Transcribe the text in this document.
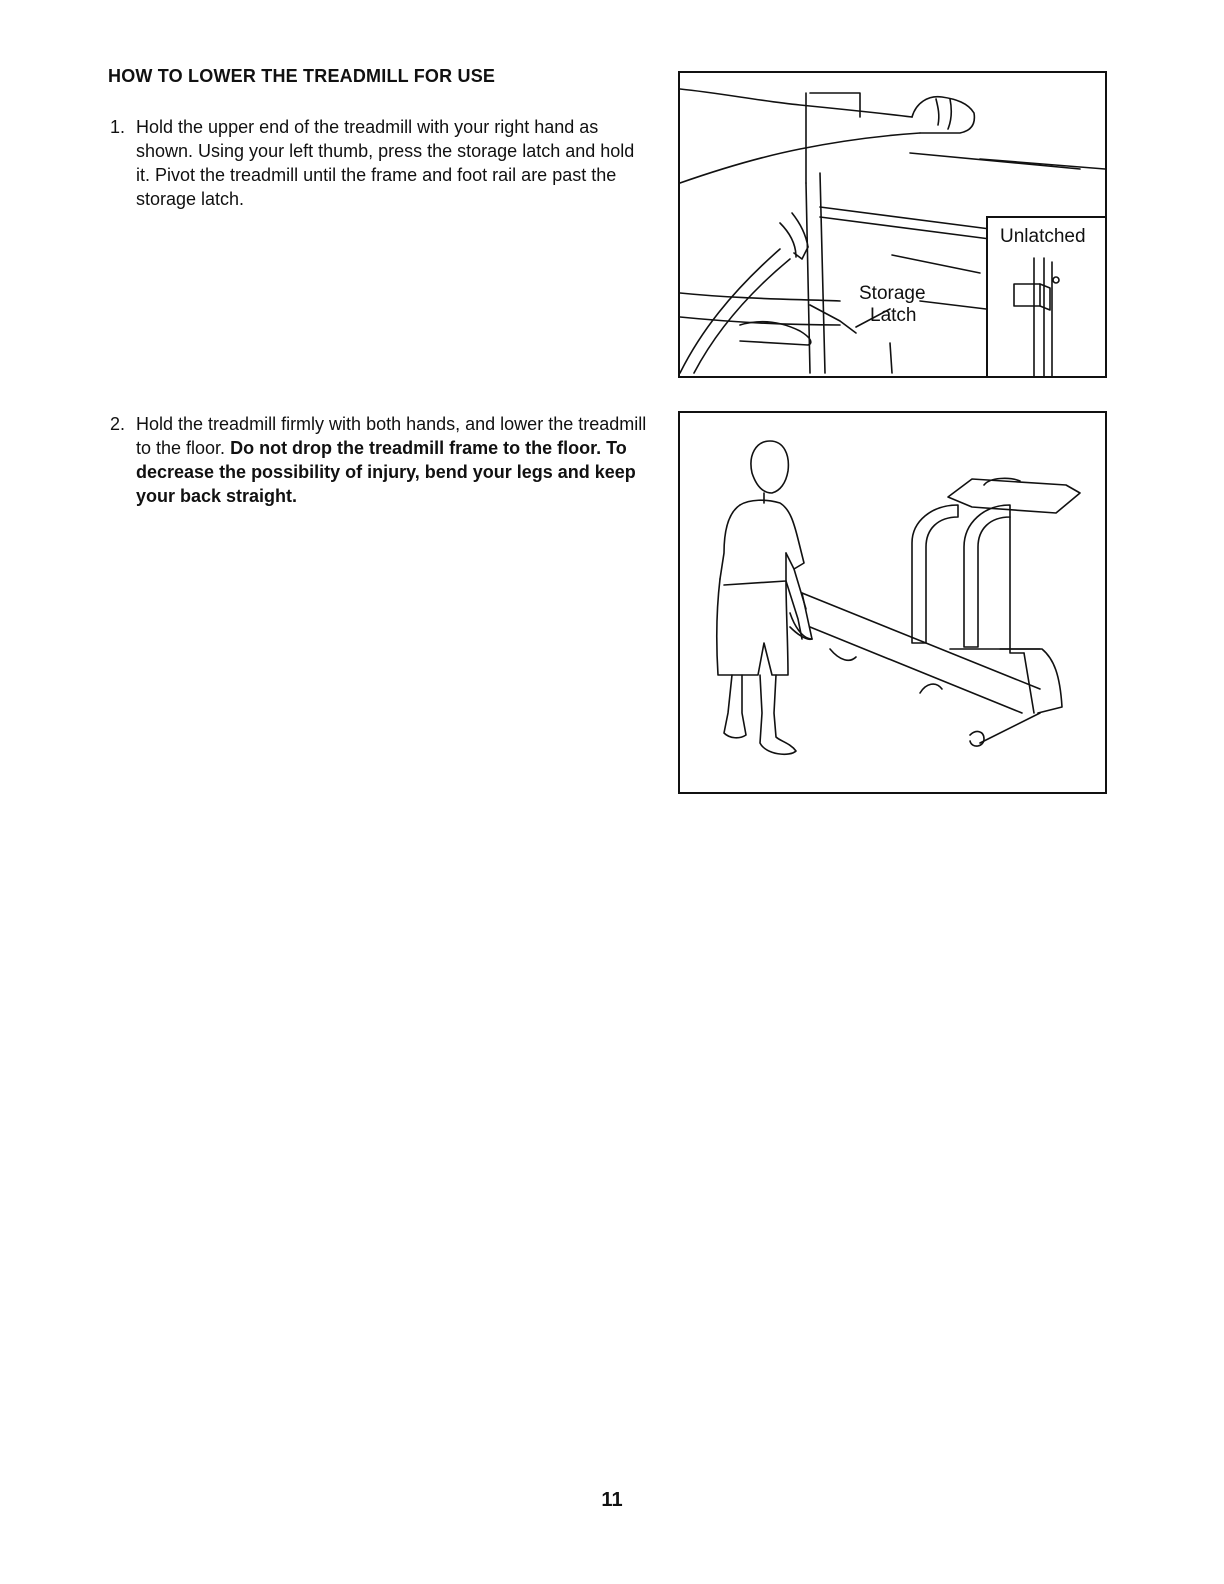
HOW TO LOWER THE TREADMILL FOR USE
1. Hold the upper end of the treadmill with your right hand as shown. Using your left thumb, press the storage latch and hold it. Pivot the treadmill until the frame and foot rail are past the storage latch.
2. Hold the treadmill firmly with both hands, and lower the treadmill to the floor. Do not drop the treadmill frame to the floor. To decrease the possibility of injury, bend your legs and keep your back straight.
Storage
Latch
Unlatched
11
